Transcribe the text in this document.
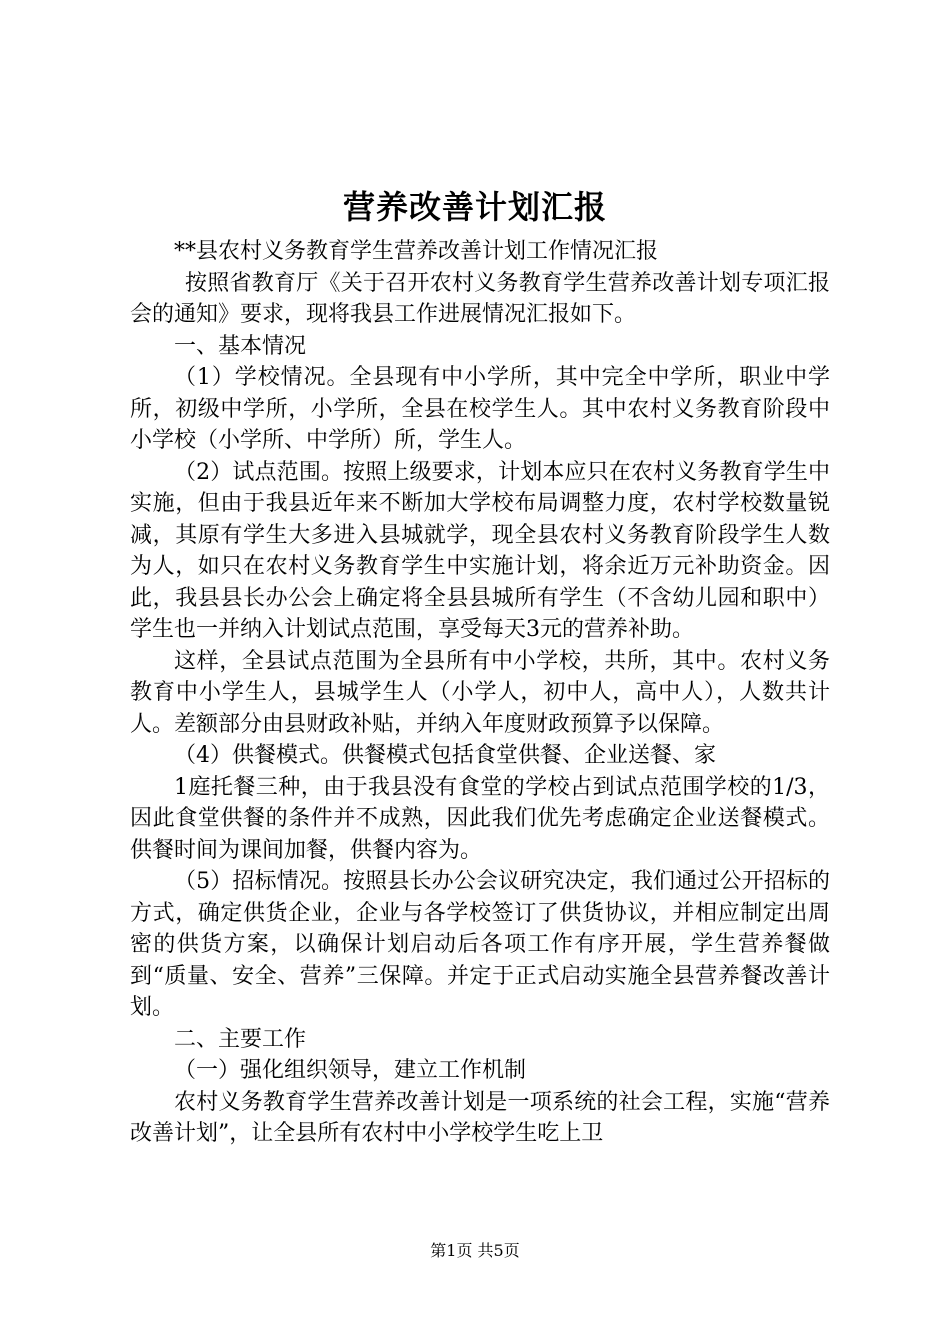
营养改善计划汇报

**县农村义务教育学生营养改善计划工作情况汇报

按照省教育厅《关于召开农村义务教育学生营养改善计划专项汇报会的通知》要求，现将我县工作进展情况汇报如下。

一、基本情况

（1）学校情况。全县现有中小学所，其中完全中学所，职业中学所，初级中学所，小学所，全县在校学生人。其中农村义务教育阶段中小学校（小学所、中学所）所，学生人。

（2）试点范围。按照上级要求，计划本应只在农村义务教育学生中实施，但由于我县近年来不断加大学校布局调整力度，农村学校数量锐减，其原有学生大多进入县城就学，现全县农村义务教育阶段学生人数为人，如只在农村义务教育学生中实施计划，将余近万元补助资金。因此，我县县长办公会上确定将全县县城所有学生（不含幼儿园和职中）学生也一并纳入计划试点范围，享受每天3元的营养补助。

这样，全县试点范围为全县所有中小学校，共所，其中。农村义务教育中小学生人，县城学生人（小学人，初中人，高中人），人数共计人。差额部分由县财政补贴，并纳入年度财政预算予以保障。

（4）供餐模式。供餐模式包括食堂供餐、企业送餐、家

1庭托餐三种，由于我县没有食堂的学校占到试点范围学校的1/3，因此食堂供餐的条件并不成熟，因此我们优先考虑确定企业送餐模式。供餐时间为课间加餐，供餐内容为。

（5）招标情况。按照县长办公会议研究决定，我们通过公开招标的方式，确定供货企业，企业与各学校签订了供货协议，并相应制定出周密的供货方案，以确保计划启动后各项工作有序开展，学生营养餐做到“质量、安全、营养”三保障。并定于正式启动实施全县营养餐改善计划。

二、主要工作

（一）强化组织领导，建立工作机制

农村义务教育学生营养改善计划是一项系统的社会工程，实施“营养改善计划”，让全县所有农村中小学校学生吃上卫

第1页 共5页
